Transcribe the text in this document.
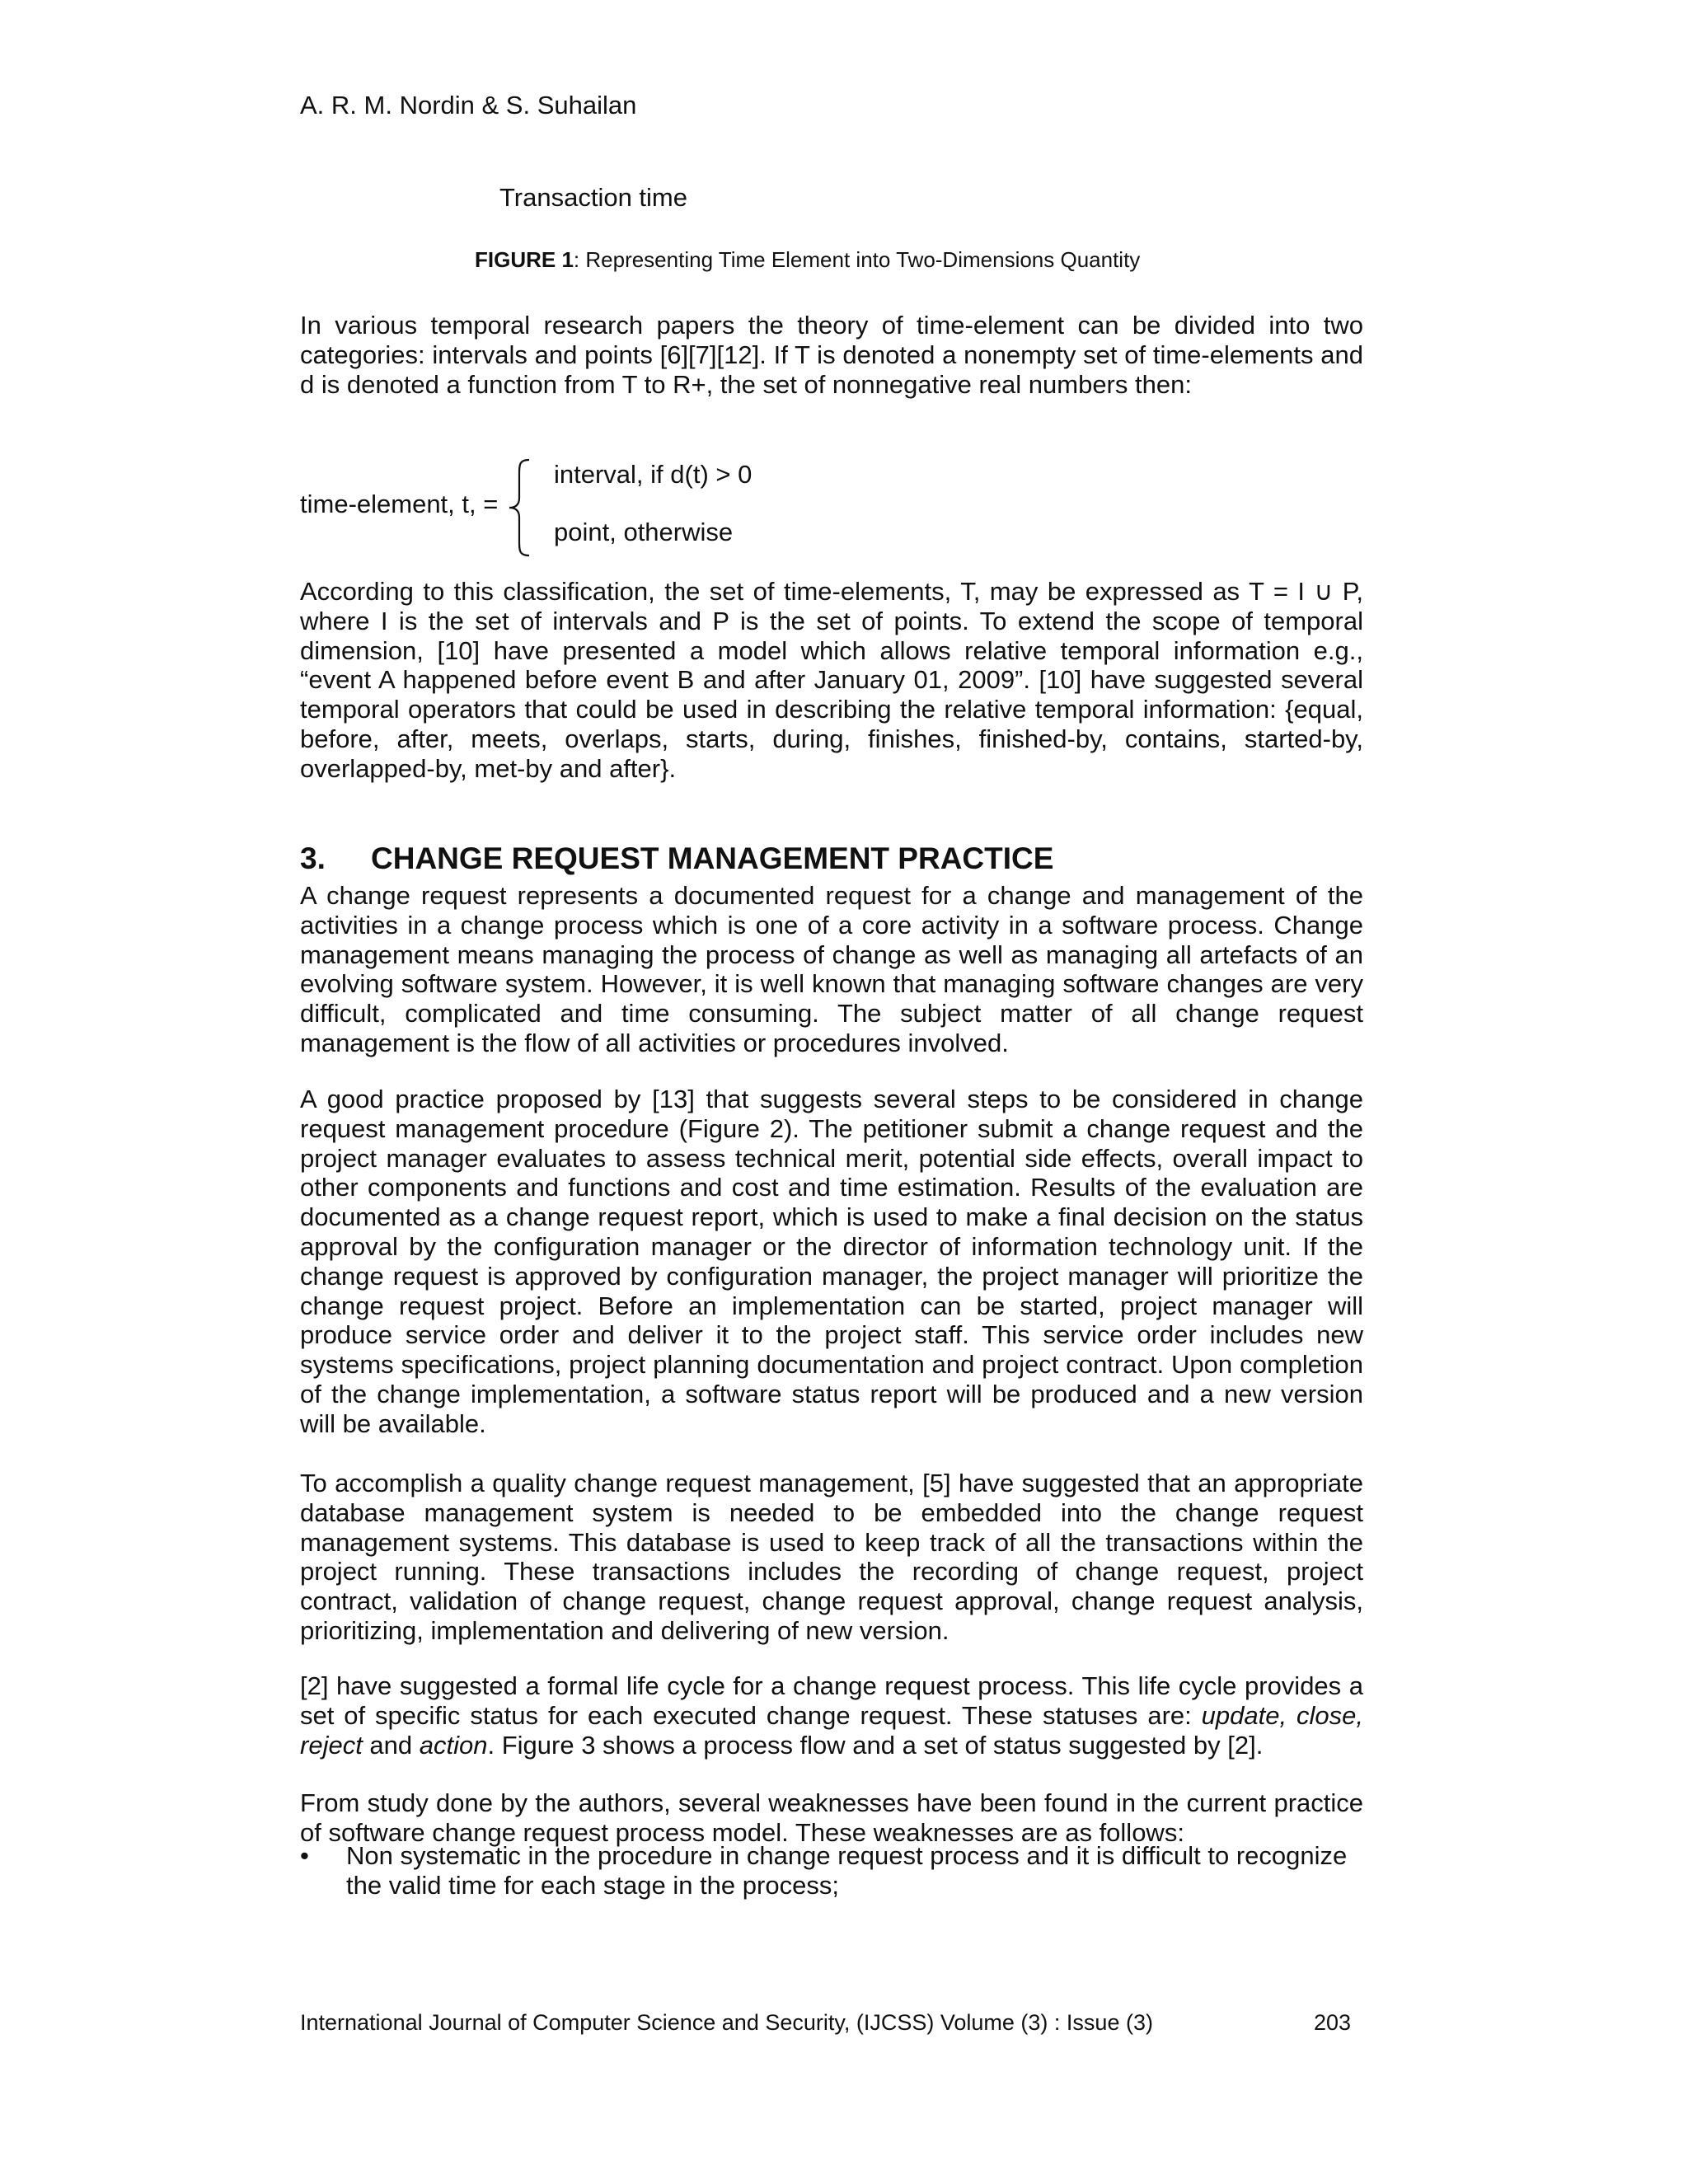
A. R. M. Nordin & S. Suhailan
Transaction time
FIGURE 1: Representing Time Element into Two-Dimensions Quantity

In various temporal research papers the theory of time-element can be divided into two categories: intervals and points [6][7][12]. If T is denoted a nonempty set of time-elements and d is denoted a function from T to R+, the set of nonnegative real numbers then:

time-element, t, =
interval, if d(t) > 0
point, otherwise

According to this classification, the set of time-elements, T, may be expressed as T = I ∪ P, where I is the set of intervals and P is the set of points. To extend the scope of temporal dimension, [10] have presented a model which allows relative temporal information e.g., “event A happened before event B and after January 01, 2009”. [10] have suggested several temporal operators that could be used in describing the relative temporal information: {equal, before, after, meets, overlaps, starts, during, finishes, finished-by, contains, started-by, overlapped-by, met-by and after}.

3. CHANGE REQUEST MANAGEMENT PRACTICE

A change request represents a documented request for a change and management of the activities in a change process which is one of a core activity in a software process. Change management means managing the process of change as well as managing all artefacts of an evolving software system. However, it is well known that managing software changes are very difficult, complicated and time consuming. The subject matter of all change request management is the flow of all activities or procedures involved.

A good practice proposed by [13] that suggests several steps to be considered in change request management procedure (Figure 2). The petitioner submit a change request and the project manager evaluates to assess technical merit, potential side effects, overall impact to other components and functions and cost and time estimation. Results of the evaluation are documented as a change request report, which is used to make a final decision on the status approval by the configuration manager or the director of information technology unit. If the change request is approved by configuration manager, the project manager will prioritize the change request project. Before an implementation can be started, project manager will produce service order and deliver it to the project staff. This service order includes new systems specifications, project planning documentation and project contract. Upon completion of the change implementation, a software status report will be produced and a new version will be available.

To accomplish a quality change request management, [5] have suggested that an appropriate database management system is needed to be embedded into the change request management systems. This database is used to keep track of all the transactions within the project running. These transactions includes the recording of change request, project contract, validation of change request, change request approval, change request analysis, prioritizing, implementation and delivering of new version.

[2] have suggested a formal life cycle for a change request process. This life cycle provides a set of specific status for each executed change request. These statuses are: update, close, reject and action. Figure 3 shows a process flow and a set of status suggested by [2].

From study done by the authors, several weaknesses have been found in the current practice of software change request process model. These weaknesses are as follows:

•	Non systematic in the procedure in change request process and it is difficult to recognize the valid time for each stage in the process;
International Journal of Computer Science and Security, (IJCSS) Volume (3) : Issue (3)	203
